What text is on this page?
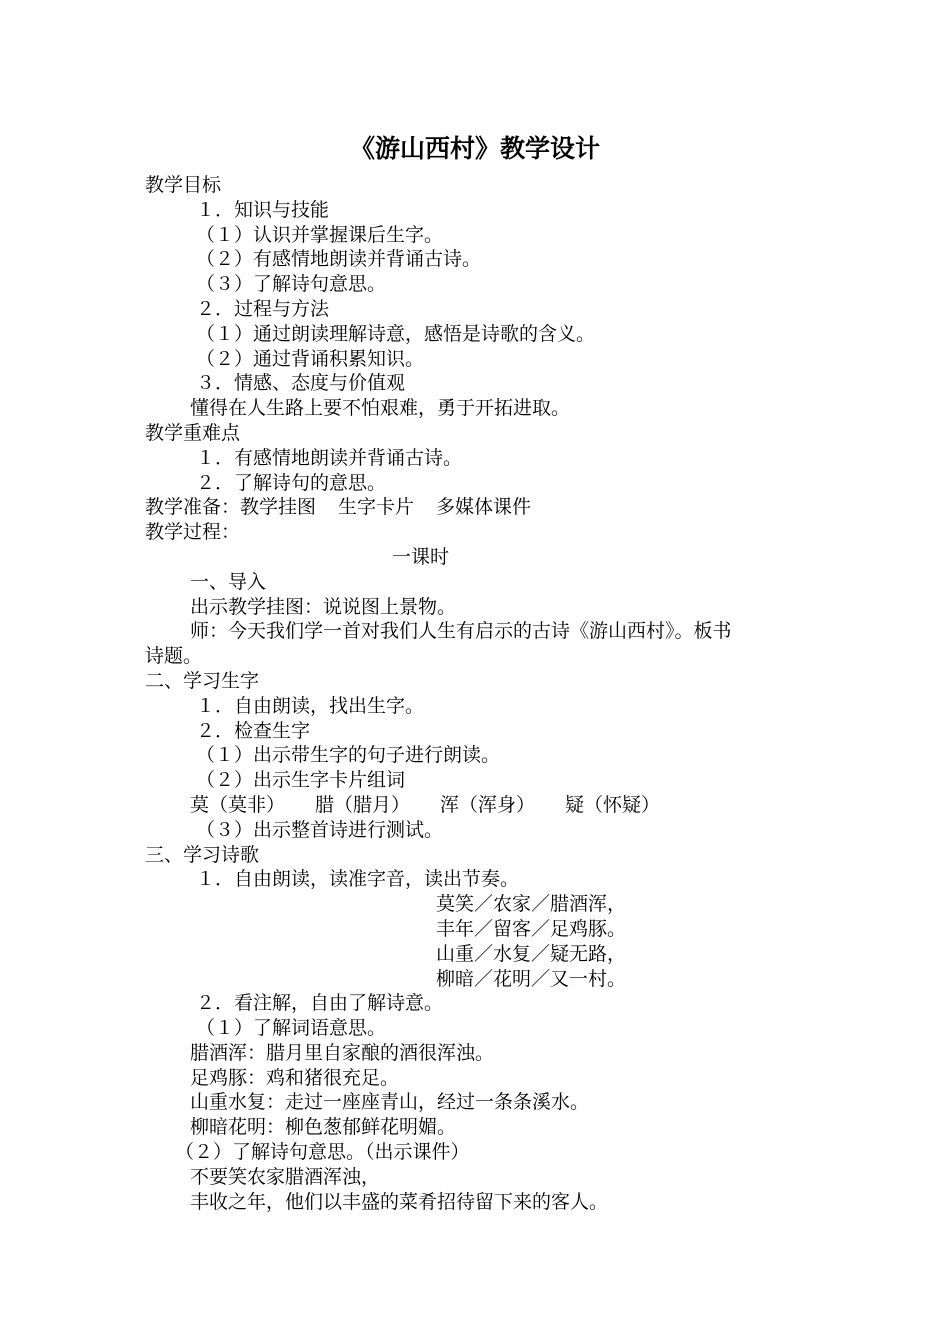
《游山西村》教学设计
教学目标
１．知识与技能
（１）认识并掌握课后生字。
（２）有感情地朗读并背诵古诗。
（３）了解诗句意思。
２．过程与方法
（１）通过朗读理解诗意，感悟是诗歌的含义。
（２）通过背诵积累知识。
３．情感、态度与价值观
懂得在人生路上要不怕艰难，勇于开拓进取。
教学重难点
１．有感情地朗读并背诵古诗。
２．了解诗句的意思。
教学准备：教学挂图 生字卡片 多媒体课件
教学过程：
一课时
一、导入
出示教学挂图：说说图上景物。
师：今天我们学一首对我们人生有启示的古诗《游山西村》。板书
诗题。
二、学习生字
１．自由朗读，找出生字。
２．检查生字
（１）出示带生字的句子进行朗读。
（２）出示生字卡片组词
莫（莫非） 腊（腊月） 浑（浑身） 疑（怀疑）
（３）出示整首诗进行测试。
三、学习诗歌
１．自由朗读，读准字音，读出节奏。
莫笑／农家／腊酒浑，
丰年／留客／足鸡豚。
山重／水复／疑无路，
柳暗／花明／又一村。
２．看注解，自由了解诗意。
（１）了解词语意思。
腊酒浑：腊月里自家酿的酒很浑浊。
足鸡豚：鸡和猪很充足。
山重水复：走过一座座青山，经过一条条溪水。
柳暗花明：柳色葱郁鲜花明媚。
（２）了解诗句意思。（出示课件）
不要笑农家腊酒浑浊，
丰收之年，他们以丰盛的菜肴招待留下来的客人。
